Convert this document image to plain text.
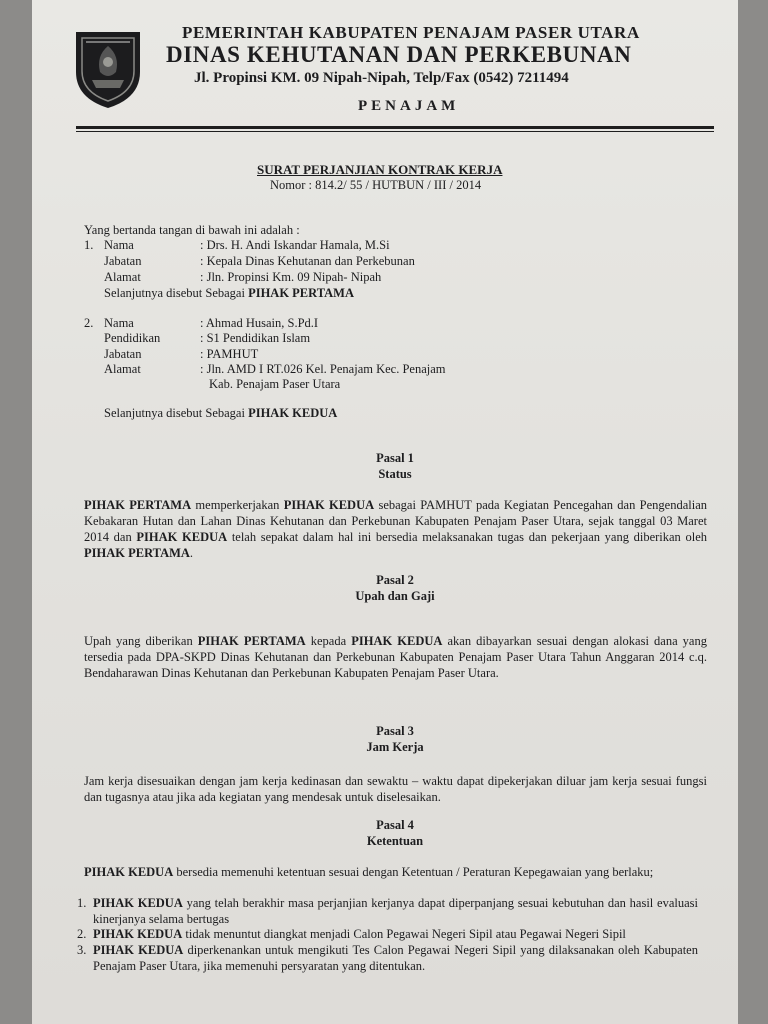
PEMERINTAH KABUPATEN PENAJAM PASER UTARA
DINAS KEHUTANAN DAN PERKEBUNAN
Jl. Propinsi KM. 09 Nipah-Nipah, Telp/Fax (0542) 7211494
PENAJAM
SURAT PERJANJIAN KONTRAK KERJA
Nomor : 814.2/ 55 / HUTBUN / III / 2014
Yang bertanda tangan di bawah ini adalah :
1. Nama	: Drs. H. Andi Iskandar Hamala, M.Si
Jabatan	: Kepala Dinas Kehutanan dan Perkebunan
Alamat	: Jln. Propinsi Km. 09 Nipah- Nipah
Selanjutnya disebut Sebagai PIHAK PERTAMA
2. Nama	: Ahmad Husain, S.Pd.I
Pendidikan	: S1 Pendidikan Islam
Jabatan	: PAMHUT
Alamat	: Jln. AMD I RT.026 Kel. Penajam Kec. Penajam
Kab. Penajam Paser Utara
Selanjutnya disebut Sebagai PIHAK KEDUA
Pasal 1
Status
PIHAK PERTAMA memperkerjakan PIHAK KEDUA sebagai PAMHUT pada Kegiatan Pencegahan dan Pengendalian Kebakaran Hutan dan Lahan Dinas Kehutanan dan Perkebunan Kabupaten Penajam Paser Utara, sejak tanggal 03 Maret 2014 dan PIHAK KEDUA telah sepakat dalam hal ini bersedia melaksanakan tugas dan pekerjaan yang diberikan oleh PIHAK PERTAMA.
Pasal 2
Upah dan Gaji
Upah yang diberikan PIHAK PERTAMA kepada PIHAK KEDUA akan dibayarkan sesuai dengan alokasi dana yang tersedia pada DPA-SKPD Dinas Kehutanan dan Perkebunan Kabupaten Penajam Paser Utara Tahun Anggaran 2014 c.q. Bendaharawan Dinas Kehutanan dan Perkebunan Kabupaten Penajam Paser Utara.
Pasal 3
Jam Kerja
Jam kerja disesuaikan dengan jam kerja kedinasan dan sewaktu – waktu dapat dipekerjakan diluar jam kerja sesuai fungsi dan tugasnya atau jika ada kegiatan yang mendesak untuk diselesaikan.
Pasal 4
Ketentuan
PIHAK KEDUA bersedia memenuhi ketentuan sesuai dengan Ketentuan / Peraturan Kepegawaian yang berlaku;
1. PIHAK KEDUA yang telah berakhir masa perjanjian kerjanya dapat diperpanjang sesuai kebutuhan dan hasil evaluasi kinerjanya selama bertugas
2. PIHAK KEDUA tidak menuntut diangkat menjadi Calon Pegawai Negeri Sipil atau Pegawai Negeri Sipil
3. PIHAK KEDUA diperkenankan untuk mengikuti Tes Calon Pegawai Negeri Sipil yang dilaksanakan oleh Kabupaten Penajam Paser Utara, jika memenuhi persyaratan yang ditentukan.
